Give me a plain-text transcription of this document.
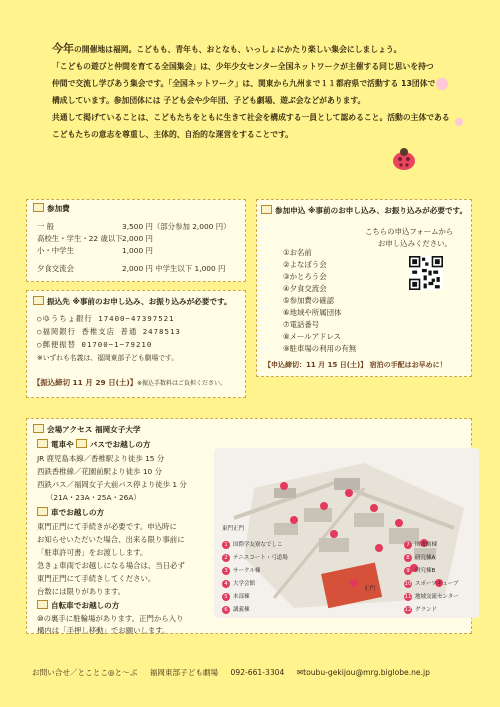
今年の開催地は福岡。こどもも、青年も、おとなも、いっしょにかたり楽しい集会にしましょう。

「こどもの遊びと仲間を育てる全国集会」は、少年少女センター全国ネットワークが主催する同じ思いを持つ

仲間で交流し学びあう集会です。「全国ネットワーク」は、関東から九州まで１１都府県で活動する 13団体で

構成しています。参加団体には 子ども会や少年団、子ども劇場、遊ぶ会などがあります。

共通して掲げていることは、こどもたちをともに生きて社会を構成する一員として認めること。活動の主体である

こどもたちの意志を尊重し、主体的、自治的な運営をすることです。

参加費
一 般	3,500 円（部分参加 2,000 円）
高校生・学生・22 歳以下 2,000 円
小・中学生	1,000 円
夕食交流会	2,000 円 中学生以下 1,000 円
振込先 ※事前のお申し込み、お振り込みが必要です。
○ゆうちょ銀行 17400−47397521
○福岡銀行 香椎支店 普通 2478513
○郵便振替 01700−1−79210
※いずれも名義は、福岡東部子ども劇場です。
【振込締切 11 月 29 日(土)】 ※振込手数料はご負担ください。
参加申込 ※事前のお申し込み、お振り込みが必要です。
こちらの申込フォームから
お申し込みください。
①お名前
②よなぼう会
③かとろう会
④夕食交流会
⑤参加費の確認
⑥地域や所属団体
⑦電話番号
⑧メールアドレス
⑨駐車場の利用の有無
【申込締切：11 月 15 日(土)】 宿泊の手配はお早めに！
会場アクセス 福岡女子大学
電車や バスでお越しの方
JR 鹿児島本線／香椎駅より徒歩 15 分
西鉄香椎線／花園前駅より徒歩 10 分
西鉄バス／福岡女子大前バス停より徒歩 1 分
（21A・23A・25A・26A）
車でお越しの方
東門正門にて手続きが必要です。申込時に
お知らせいただいた場合、出来る限り事前に
「駐車許可書」をお渡しします。
急きょ車両でお越しになる場合は、当日必ず
東門正門にて手続きしてください。
台数には限りがあります。
自転車でお越しの方
⑩の裏手に駐輪場があります。正門から入り
構内は「手押し移動」でお願いします。
東門正門
正門
1 国際学友寮なでしこ
2 テニスコート・弓道場
3 サークル棟
4 大学会館
5 本部棟
6 講義棟
7 図書館棟
8 研究棟A
9 研究棟B
10 スポーツキューブ
11 地域交流センター
12 グランド
お問い合せ／とことこ◎と〜ぶ 福岡東部子ども劇場 092-661-3304 ✉toubu-gekijou@mrg.biglobe.ne.jp
